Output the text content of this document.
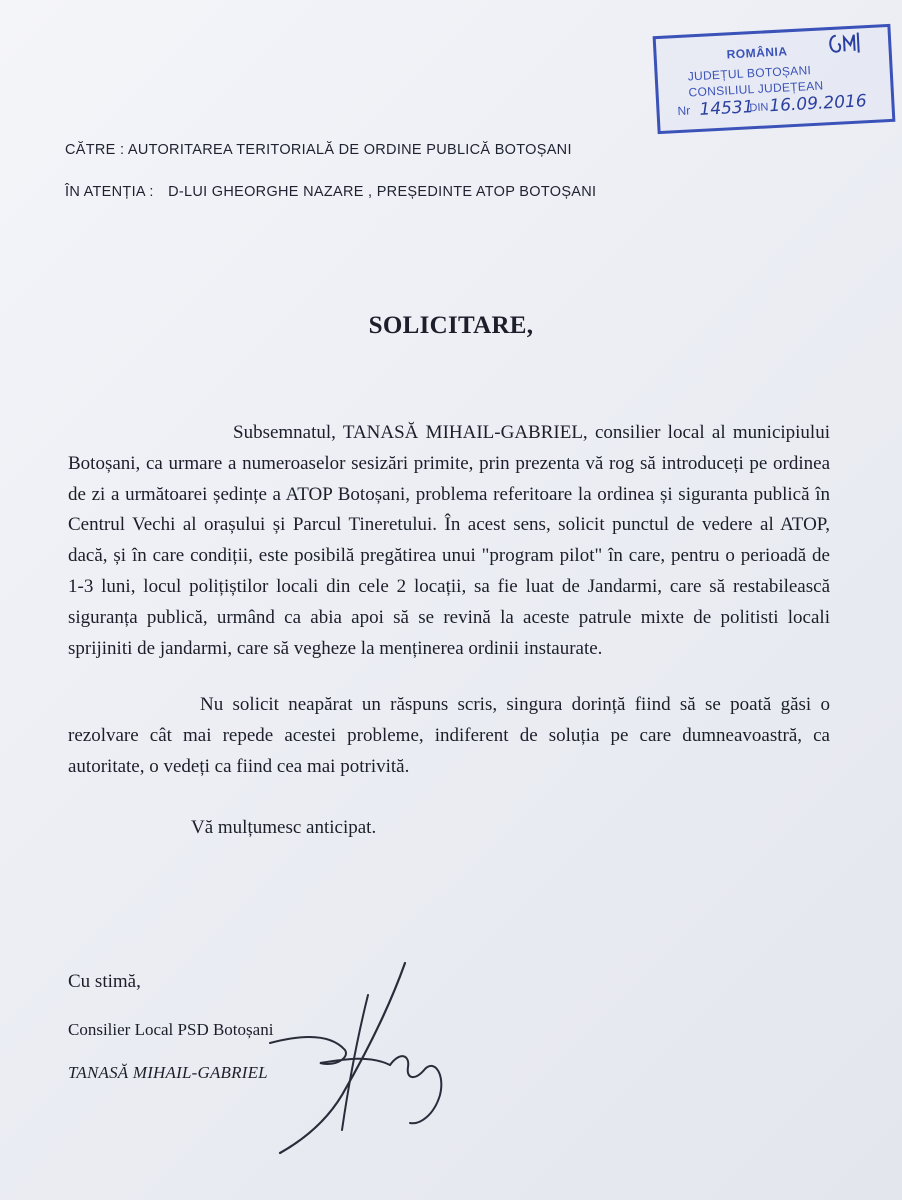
ROMÂNIA
JUDEȚUL BOTOȘANI
CONSILIUL JUDEȚEAN
Nr 14531
DIN 16.09.2016
CĂTRE : AUTORITAREA TERITORIALĂ DE ORDINE PUBLICĂ BOTOȘANI
ÎN ATENȚIA : D-LUI GHEORGHE NAZARE , PREȘEDINTE ATOP BOTOȘANI
SOLICITARE,

Subsemnatul, TANASĂ MIHAIL-GABRIEL, consilier local al municipiului Botoșani, ca urmare a numeroaselor sesizări primite, prin prezenta vă rog să introduceți pe ordinea de zi a următoarei ședințe a ATOP Botoșani, problema referitoare la ordinea și siguranta publică în Centrul Vechi al orașului și Parcul Tineretului. În acest sens, solicit punctul de vedere al ATOP, dacă, și în care condiții, este posibilă pregătirea unui "program pilot" în care, pentru o perioadă de 1-3 luni, locul polițiștilor locali din cele 2 locații, sa fie luat de Jandarmi, care să restabilească siguranța publică, urmând ca abia apoi să se revină la aceste patrule mixte de politisti locali sprijiniti de jandarmi, care să vegheze la menținerea ordinii instaurate.

Nu solicit neapărat un răspuns scris, singura dorință fiind să se poată găsi o rezolvare cât mai repede acestei probleme, indiferent de soluția pe care dumneavoastră, ca autoritate, o vedeți ca fiind cea mai potrivită.

Vă mulțumesc anticipat.

Cu stimă,
Consilier Local PSD Botoșani
TANASĂ MIHAIL-GABRIEL
